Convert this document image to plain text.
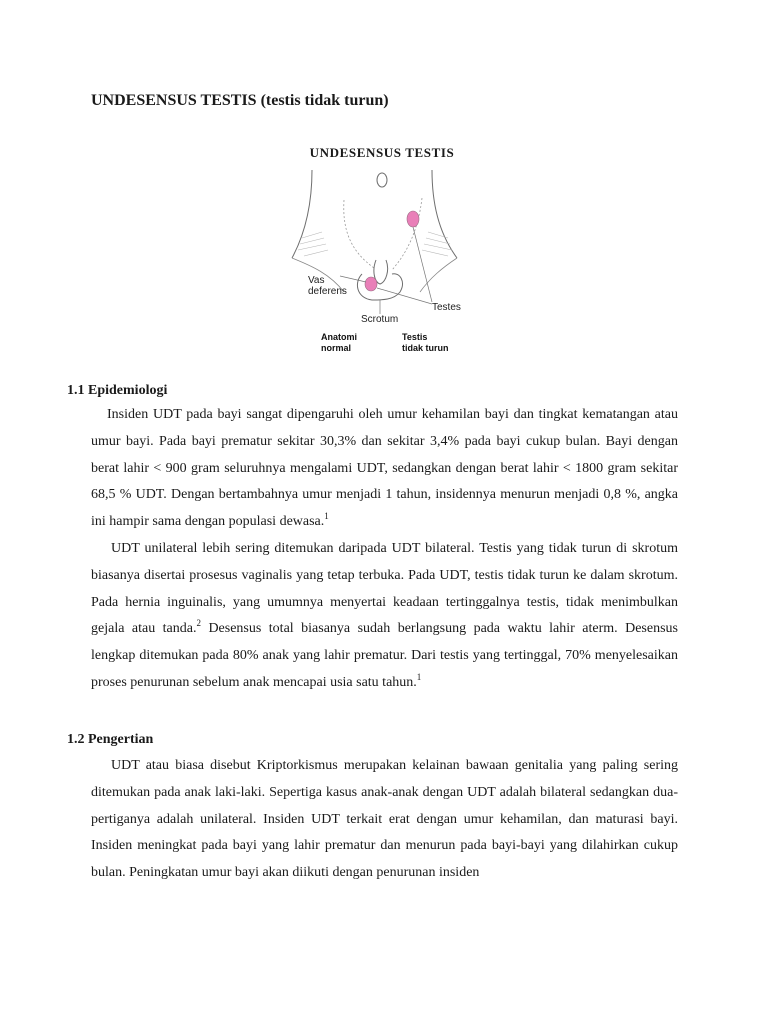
UNDESENSUS TESTIS (testis tidak turun)
UNDESENSUS TESTIS
Vas
deferens
Testes
Scrotum
Anatomi
normal
Testis
tidak turun
1.1 Epidemiologi

Insiden UDT pada bayi sangat dipengaruhi oleh umur kehamilan bayi dan tingkat kematangan atau umur bayi. Pada bayi prematur sekitar 30,3% dan sekitar 3,4% pada bayi cukup bulan. Bayi dengan berat lahir < 900 gram seluruhnya mengalami UDT, sedangkan dengan berat lahir < 1800 gram sekitar 68,5 % UDT. Dengan bertambahnya umur menjadi 1 tahun, insidennya menurun menjadi 0,8 %, angka ini hampir sama dengan populasi dewasa.$^1$

UDT unilateral lebih sering ditemukan daripada UDT bilateral. Testis yang tidak turun di skrotum biasanya disertai prosesus vaginalis yang tetap terbuka. Pada UDT, testis tidak turun ke dalam skrotum. Pada hernia inguinalis, yang umumnya menyertai keadaan tertinggalnya testis, tidak menimbulkan gejala atau tanda.$^2$ Desensus total biasanya sudah berlangsung pada waktu lahir aterm. Desensus lengkap ditemukan pada 80% anak yang lahir prematur. Dari testis yang tertinggal, 70% menyelesaikan proses penurunan sebelum anak mencapai usia satu tahun.$^1$

1.2 Pengertian

UDT atau biasa disebut Kriptorkismus merupakan kelainan bawaan genitalia yang paling sering ditemukan pada anak laki-laki. Sepertiga kasus anak-anak dengan UDT adalah bilateral sedangkan dua-pertiganya adalah unilateral. Insiden UDT terkait erat dengan umur kehamilan, dan maturasi bayi. Insiden meningkat pada bayi yang lahir prematur dan menurun pada bayi-bayi yang dilahirkan cukup bulan. Peningkatan umur bayi akan diikuti dengan penurunan insiden
